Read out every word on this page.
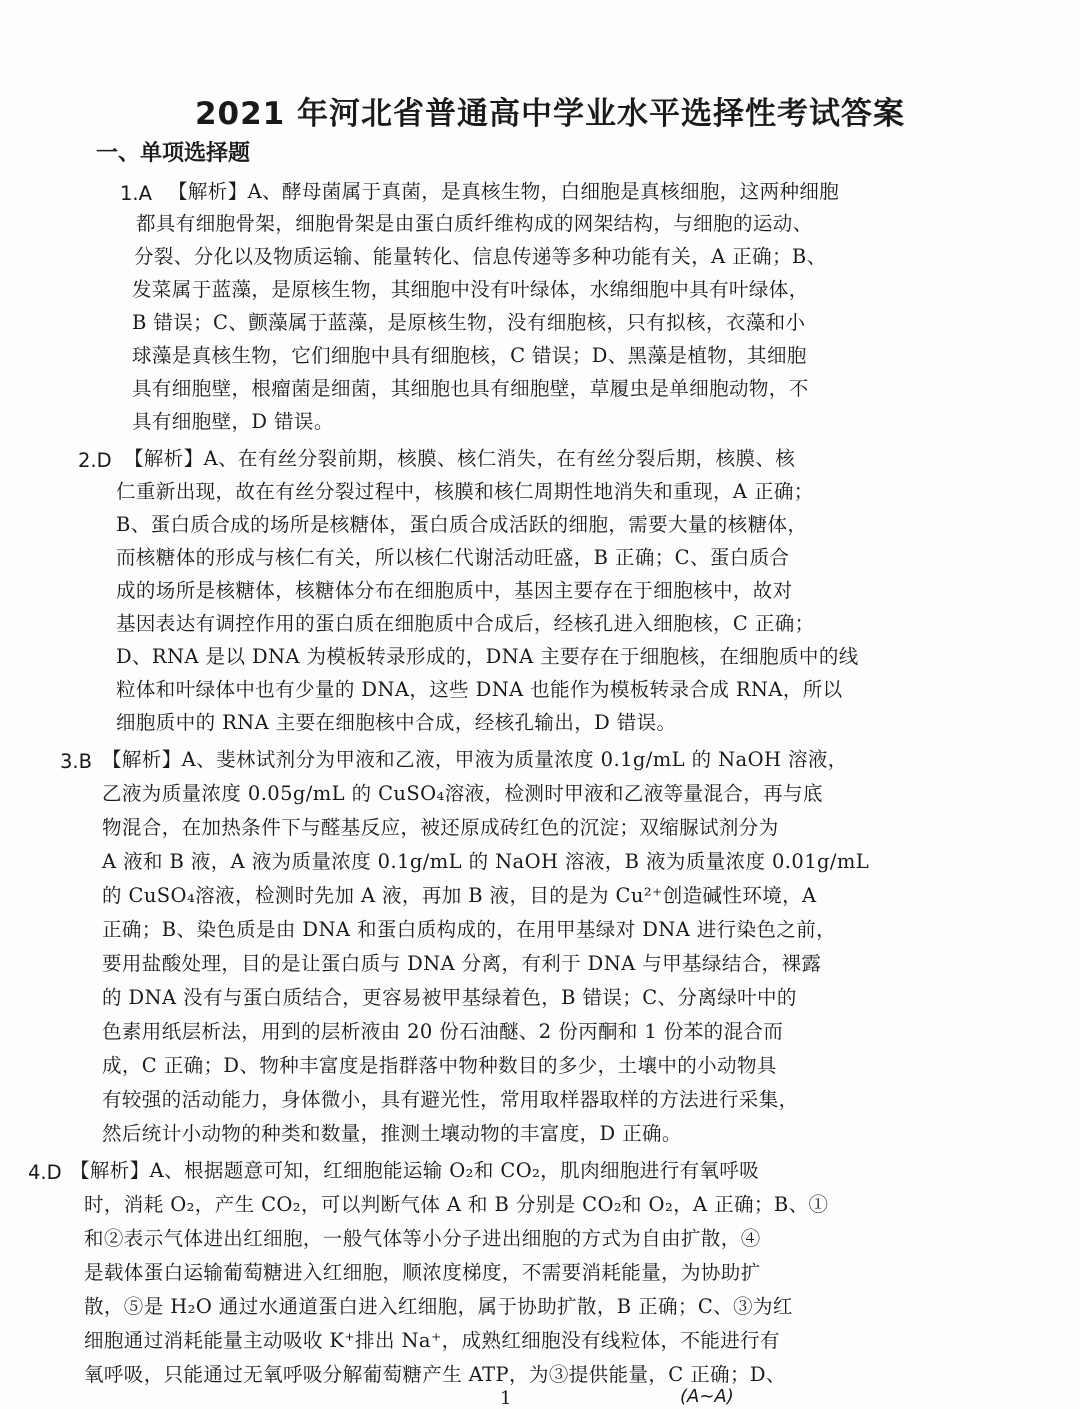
2021 年河北省普通高中学业水平选择性考试答案
一、单项选择题
1.A 【解析】A、酵母菌属于真菌，是真核生物，白细胞是真核细胞，这两种细胞
都具有细胞骨架，细胞骨架是由蛋白质纤维构成的网架结构，与细胞的运动、
分裂、分化以及物质运输、能量转化、信息传递等多种功能有关，A 正确；B、
发菜属于蓝藻，是原核生物，其细胞中没有叶绿体，水绵细胞中具有叶绿体，
B 错误；C、颤藻属于蓝藻，是原核生物，没有细胞核，只有拟核，衣藻和小
球藻是真核生物，它们细胞中具有细胞核，C 错误；D、黑藻是植物，其细胞
具有细胞壁，根瘤菌是细菌，其细胞也具有细胞壁，草履虫是单细胞动物，不
具有细胞壁，D 错误。
2.D 【解析】A、在有丝分裂前期，核膜、核仁消失，在有丝分裂后期，核膜、核
仁重新出现，故在有丝分裂过程中，核膜和核仁周期性地消失和重现，A 正确；
B、蛋白质合成的场所是核糖体，蛋白质合成活跃的细胞，需要大量的核糖体，
而核糖体的形成与核仁有关，所以核仁代谢活动旺盛，B 正确；C、蛋白质合
成的场所是核糖体，核糖体分布在细胞质中，基因主要存在于细胞核中，故对
基因表达有调控作用的蛋白质在细胞质中合成后，经核孔进入细胞核，C 正确；
D、RNA 是以 DNA 为模板转录形成的，DNA 主要存在于细胞核，在细胞质中的线
粒体和叶绿体中也有少量的 DNA，这些 DNA 也能作为模板转录合成 RNA，所以
细胞质中的 RNA 主要在细胞核中合成，经核孔输出，D 错误。
3.B 【解析】A、斐林试剂分为甲液和乙液，甲液为质量浓度 0.1g/mL 的 NaOH 溶液，
乙液为质量浓度 0.05g/mL 的 CuSO₄溶液，检测时甲液和乙液等量混合，再与底
物混合，在加热条件下与醛基反应，被还原成砖红色的沉淀；双缩脲试剂分为
A 液和 B 液，A 液为质量浓度 0.1g/mL 的 NaOH 溶液，B 液为质量浓度 0.01g/mL
的 CuSO₄溶液，检测时先加 A 液，再加 B 液，目的是为 Cu²⁺创造碱性环境，A
正确；B、染色质是由 DNA 和蛋白质构成的，在用甲基绿对 DNA 进行染色之前，
要用盐酸处理，目的是让蛋白质与 DNA 分离，有利于 DNA 与甲基绿结合，裸露
的 DNA 没有与蛋白质结合，更容易被甲基绿着色，B 错误；C、分离绿叶中的
色素用纸层析法，用到的层析液由 20 份石油醚、2 份丙酮和 1 份苯的混合而
成，C 正确；D、物种丰富度是指群落中物种数目的多少，土壤中的小动物具
有较强的活动能力，身体微小，具有避光性，常用取样器取样的方法进行采集，
然后统计小动物的种类和数量，推测土壤动物的丰富度，D 正确。
4.D 【解析】A、根据题意可知，红细胞能运输 O₂和 CO₂，肌肉细胞进行有氧呼吸
时，消耗 O₂，产生 CO₂，可以判断气体 A 和 B 分别是 CO₂和 O₂，A 正确；B、①
和②表示气体进出红细胞，一般气体等小分子进出细胞的方式为自由扩散，④
是载体蛋白运输葡萄糖进入红细胞，顺浓度梯度，不需要消耗能量，为协助扩
散，⑤是 H₂O 通过水通道蛋白进入红细胞，属于协助扩散，B 正确；C、③为红
细胞通过消耗能量主动吸收 K⁺排出 Na⁺，成熟红细胞没有线粒体，不能进行有
氧呼吸，只能通过无氧呼吸分解葡萄糖产生 ATP，为③提供能量，C 正确；D、
1	(A~A)
